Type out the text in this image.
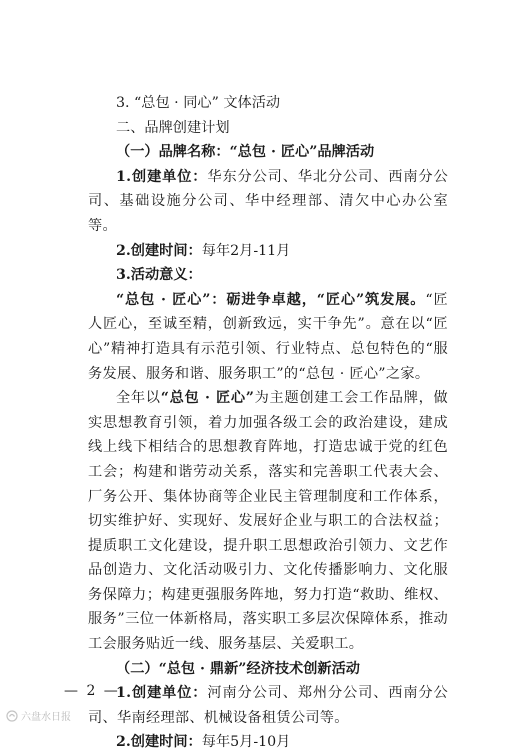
3. “总包 · 同心” 文体活动
二、品牌创建计划
（一）品牌名称：“总包 · 匠心”品牌活动
1.创建单位：华东分公司、华北分公司、西南分公司、基础设施分公司、华中经理部、清欠中心办公室等。
2.创建时间：每年2月-11月
3.活动意义：
“总包 · 匠心”：砺进争卓越，“匠心”筑发展。“匠人匠心，至诚至精，创新致远，实干争先”。意在以“匠心”精神打造具有示范引领、行业特点、总包特色的“服务发展、服务和谐、服务职工”的“总包 · 匠心”之家。
全年以“总包 · 匠心”为主题创建工会工作品牌，做实思想教育引领，着力加强各级工会的政治建设，建成线上线下相结合的思想教育阵地，打造忠诚于党的红色工会；构建和谐劳动关系，落实和完善职工代表大会、厂务公开、集体协商等企业民主管理制度和工作体系，切实维护好、实现好、发展好企业与职工的合法权益；提质职工文化建设，提升职工思想政治引领力、文艺作品创造力、文化活动吸引力、文化传播影响力、文化服务保障力；构建更强服务阵地，努力打造“救助、维权、服务”三位一体新格局，落实职工多层次保障体系，推动工会服务贴近一线、服务基层、关爱职工。
（二）“总包 · 鼎新”经济技术创新活动
1.创建单位：河南分公司、郑州分公司、西南分公司、华南经理部、机械设备租赁公司等。
2.创建时间：每年5月-10月
— 2 —
六盘水日报
